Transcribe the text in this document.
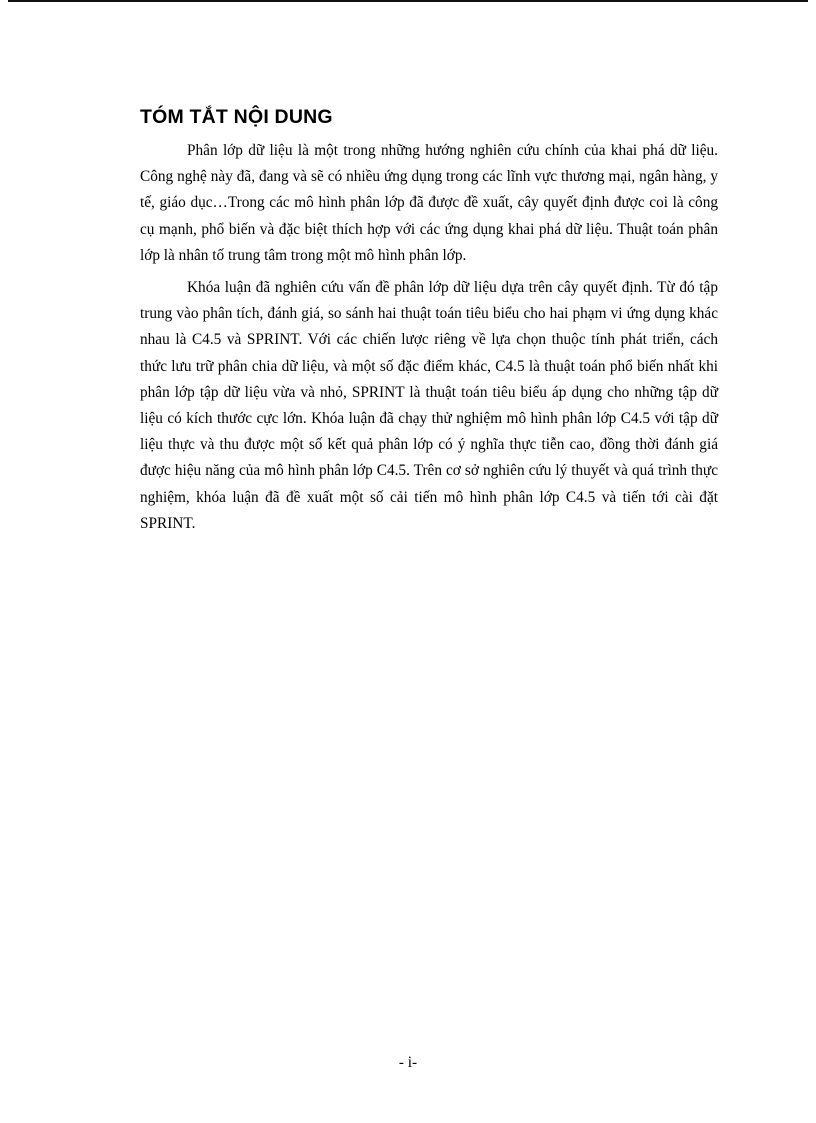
TÓM TẮT NỘI DUNG

Phân lớp dữ liệu là một trong những hướng nghiên cứu chính của khai phá dữ liệu. Công nghệ này đã, đang và sẽ có nhiều ứng dụng trong các lĩnh vực thương mại, ngân hàng, y tế, giáo dục…Trong các mô hình phân lớp đã được đề xuất, cây quyết định được coi là công cụ mạnh, phổ biến và đặc biệt thích hợp với các ứng dụng khai phá dữ liệu. Thuật toán phân lớp là nhân tố trung tâm trong một mô hình phân lớp.

Khóa luận đã nghiên cứu vấn đề phân lớp dữ liệu dựa trên cây quyết định. Từ đó tập trung vào phân tích, đánh giá, so sánh hai thuật toán tiêu biểu cho hai phạm vi ứng dụng khác nhau là C4.5 và SPRINT. Với các chiến lược riêng về lựa chọn thuộc tính phát triển, cách thức lưu trữ phân chia dữ liệu, và một số đặc điểm khác, C4.5 là thuật toán phổ biến nhất khi phân lớp tập dữ liệu vừa và nhỏ, SPRINT là thuật toán tiêu biểu áp dụng cho những tập dữ liệu có kích thước cực lớn. Khóa luận đã chạy thử nghiệm mô hình phân lớp C4.5 với tập dữ liệu thực và thu được một số kết quả phân lớp có ý nghĩa thực tiễn cao, đồng thời đánh giá được hiệu năng của mô hình phân lớp C4.5. Trên cơ sở nghiên cứu lý thuyết và quá trình thực nghiệm, khóa luận đã đề xuất một số cải tiến mô hình phân lớp C4.5 và tiến tới cài đặt SPRINT.

- i-
